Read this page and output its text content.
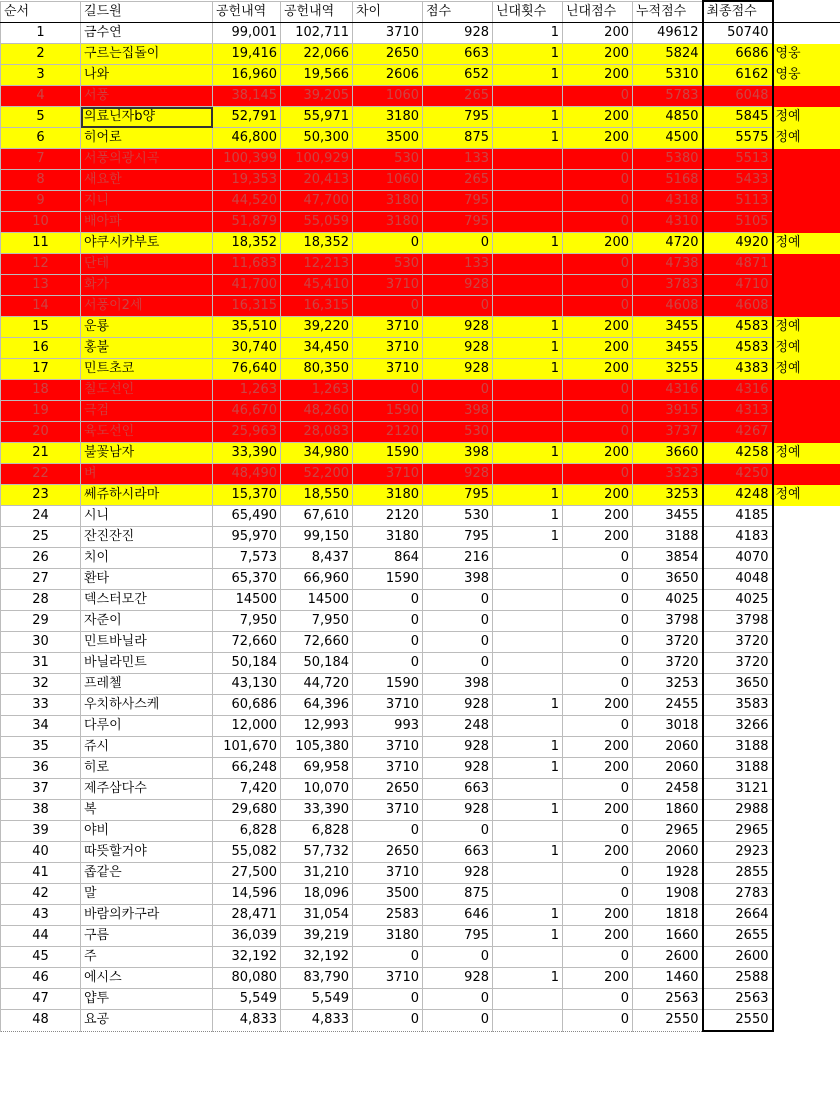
순서	길드원	공헌내역	공헌내역	차이	점수	닌대횟수	닌대점수	누적점수	최종점수	
1	금수연	99,001	102,711	3710	928	1	200	49612	50740	
2	구르는집돌이	19,416	22,066	2650	663	1	200	5824	6686	영웅
3	나와	16,960	19,566	2606	652	1	200	5310	6162	영웅
4	서풍	38,145	39,205	1060	265		0	5783	6048	
5	의료닌자b양	52,791	55,971	3180	795	1	200	4850	5845	정예
6	히어로	46,800	50,300	3500	875	1	200	4500	5575	정예
7	서풍의광시곡	100,399	100,929	530	133		0	5380	5513	
8	새요한	19,353	20,413	1060	265		0	5168	5433	
9	지니	44,520	47,700	3180	795		0	4318	5113	
10	배아파	51,879	55,059	3180	795		0	4310	5105	
11	야쿠시카부토	18,352	18,352	0	0	1	200	4720	4920	정예
12	단테	11,683	12,213	530	133		0	4738	4871	
13	화가	41,700	45,410	3710	928		0	3783	4710	
14	서풍이2세	16,315	16,315	0	0		0	4608	4608	
15	운룡	35,510	39,220	3710	928	1	200	3455	4583	정예
16	홍불	30,740	34,450	3710	928	1	200	3455	4583	정예
17	민트초코	76,640	80,350	3710	928	1	200	3255	4383	정예
18	칠도선인	1,263	1,263	0	0		0	4316	4316	
19	극검	46,670	48,260	1590	398		0	3915	4313	
20	육도선인	25,963	28,083	2120	530		0	3737	4267	
21	불꽃남자	33,390	34,980	1590	398	1	200	3660	4258	정예
22	벼	48,490	52,200	3710	928		0	3323	4250	
23	쎄쥬하시라마	15,370	18,550	3180	795	1	200	3253	4248	정예
24	시니	65,490	67,610	2120	530	1	200	3455	4185	
25	잔진잔진	95,970	99,150	3180	795	1	200	3188	4183	
26	치이	7,573	8,437	864	216		0	3854	4070	
27	환타	65,370	66,960	1590	398		0	3650	4048	
28	덱스터모간	14500	14500	0	0		0	4025	4025	
29	자준이	7,950	7,950	0	0		0	3798	3798	
30	민트바닐라	72,660	72,660	0	0		0	3720	3720	
31	바닐라민트	50,184	50,184	0	0		0	3720	3720	
32	프레첼	43,130	44,720	1590	398		0	3253	3650	
33	우치하사스케	60,686	64,396	3710	928	1	200	2455	3583	
34	다루이	12,000	12,993	993	248		0	3018	3266	
35	쥬시	101,670	105,380	3710	928	1	200	2060	3188	
36	히로	66,248	69,958	3710	928	1	200	2060	3188	
37	제주삼다수	7,420	10,070	2650	663		0	2458	3121	
38	복	29,680	33,390	3710	928	1	200	1860	2988	
39	야비	6,828	6,828	0	0		0	2965	2965	
40	따뜻할거야	55,082	57,732	2650	663	1	200	2060	2923	
41	좁같은	27,500	31,210	3710	928		0	1928	2855	
42	말	14,596	18,096	3500	875		0	1908	2783	
43	바람의카구라	28,471	31,054	2583	646	1	200	1818	2664	
44	구름	36,039	39,219	3180	795	1	200	1660	2655	
45	주	32,192	32,192	0	0		0	2600	2600	
46	에시스	80,080	83,790	3710	928	1	200	1460	2588	
47	얍투	5,549	5,549	0	0		0	2563	2563	
48	요공	4,833	4,833	0	0		0	2550	2550	
